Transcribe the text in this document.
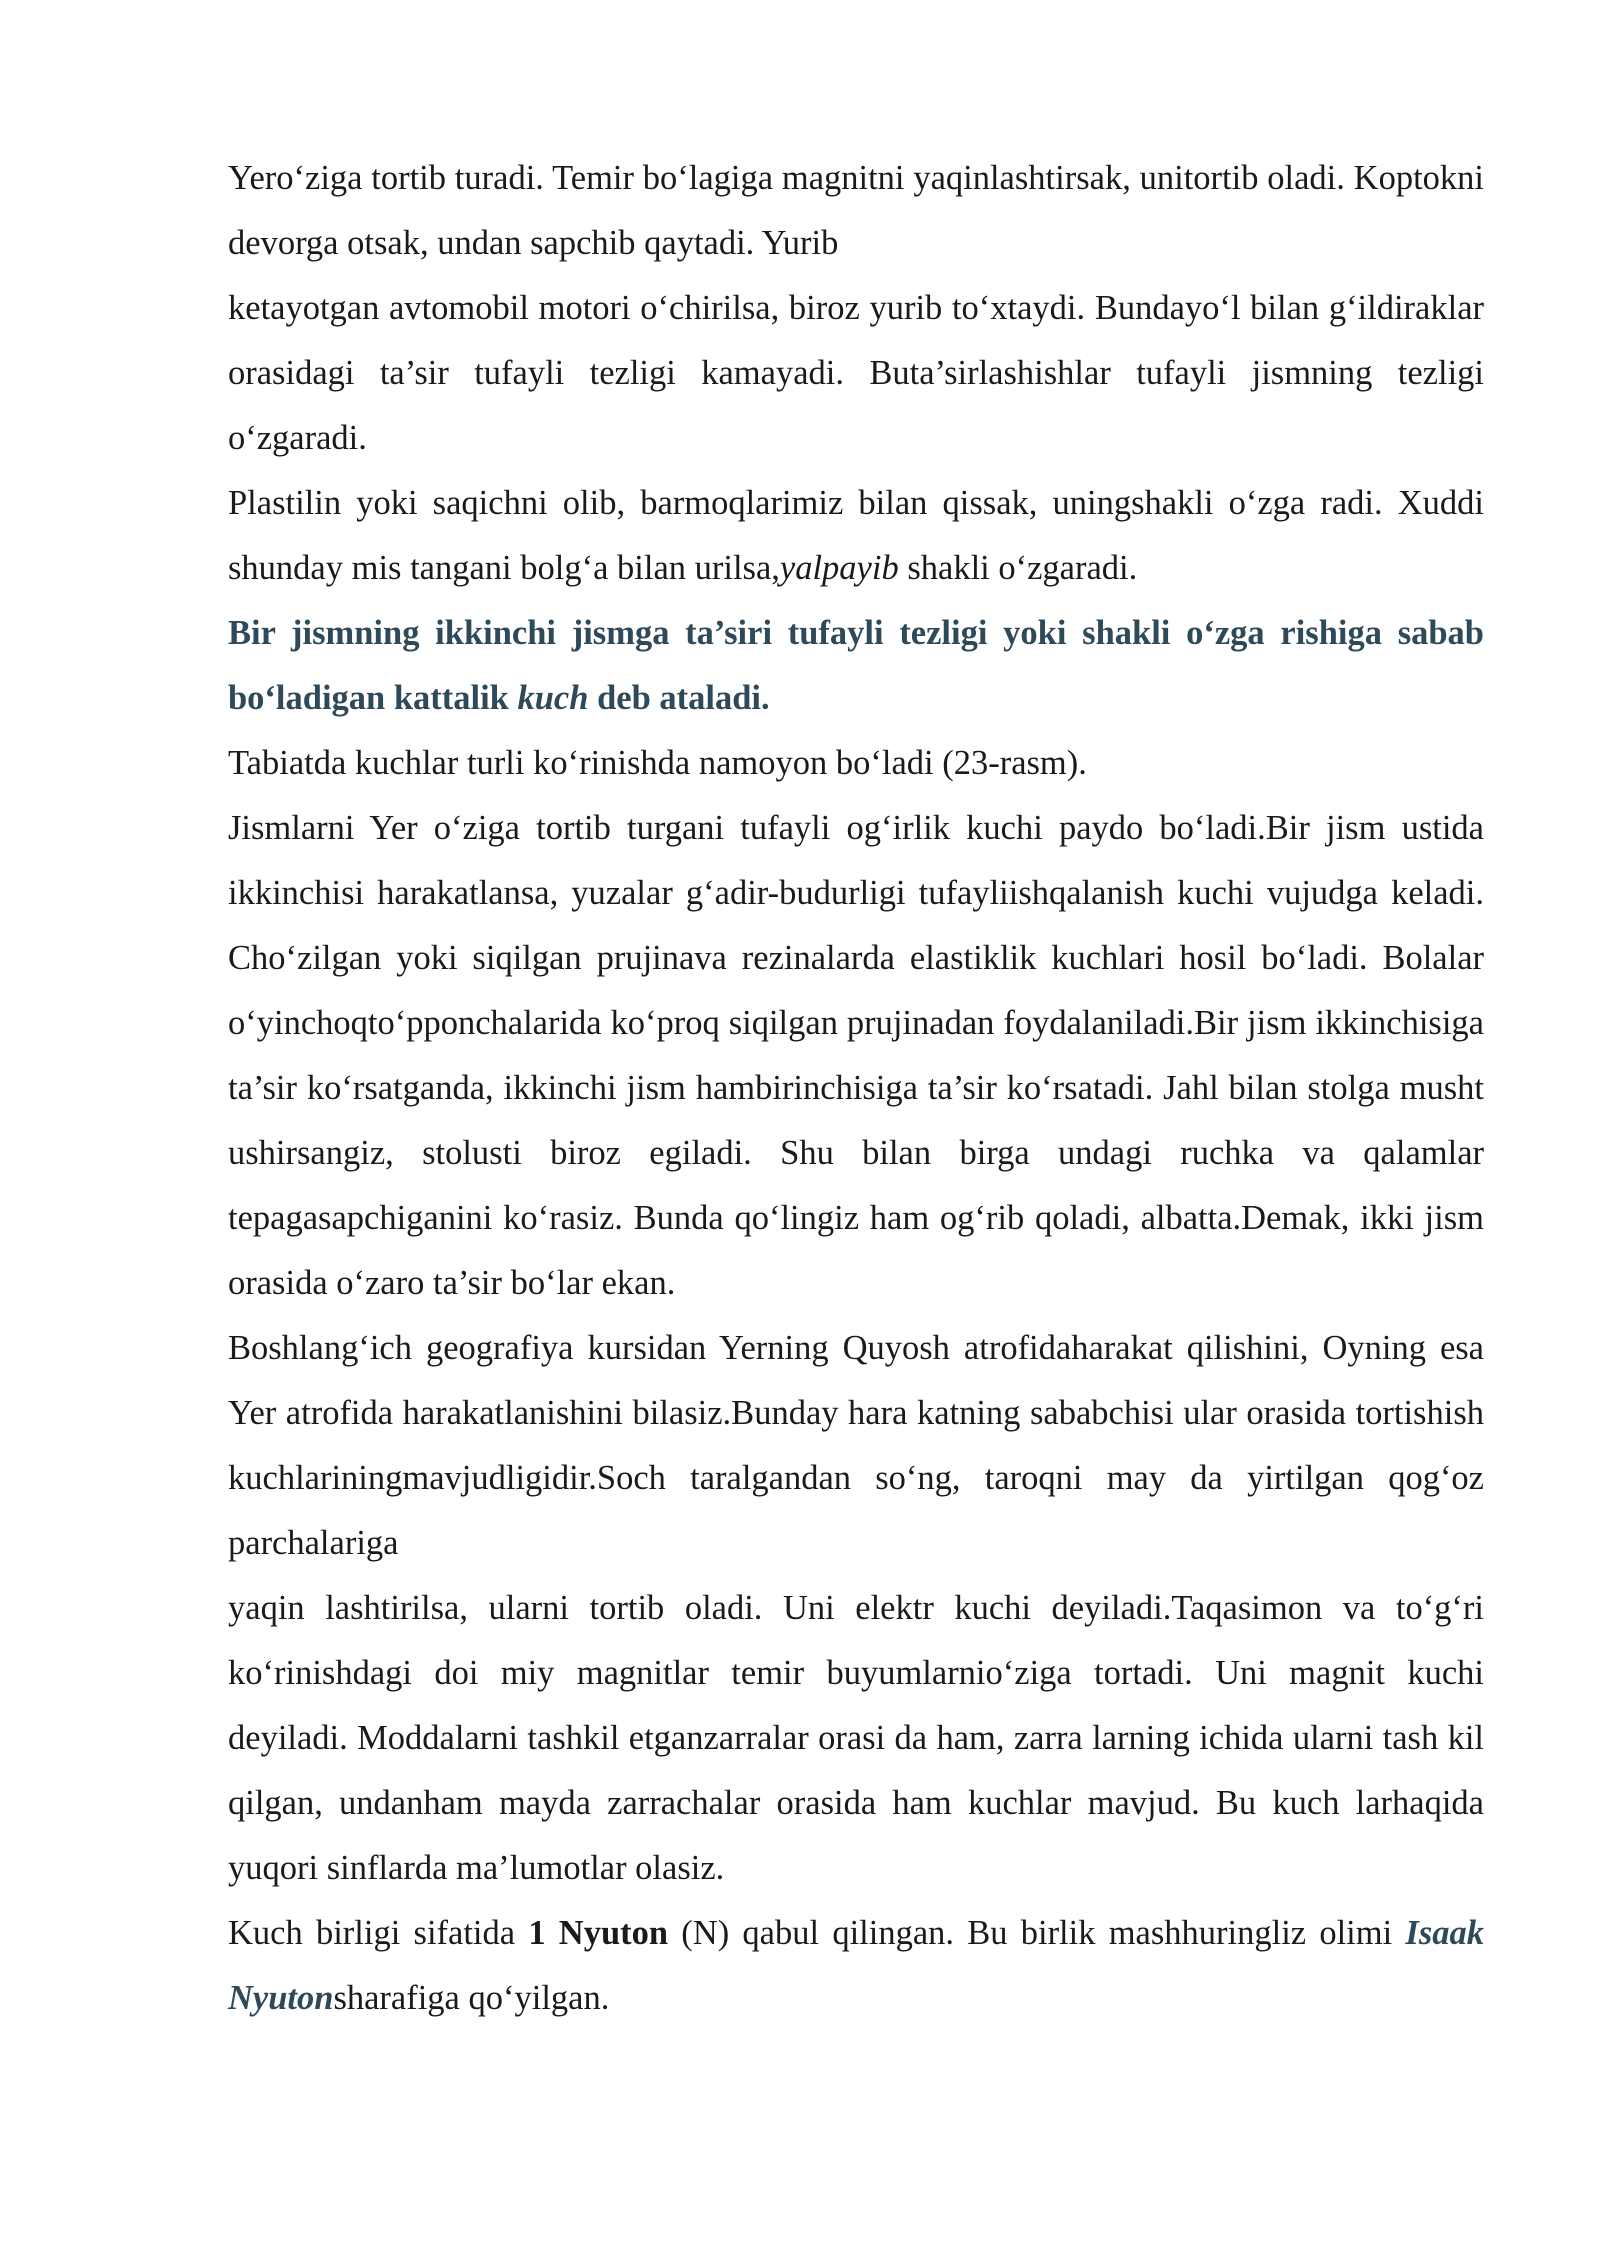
Yero‘ziga tortib turadi. Temir bo‘lagiga magnitni yaqinlashtirsak, unitortib oladi. Koptokni devorga otsak, undan sapchib qaytadi. Yurib

ketayotgan avtomobil motori o‘chirilsa, biroz yurib to‘xtaydi. Bundayo‘l bilan g‘ildiraklar orasidagi ta’sir tufayli tezligi kamayadi. Buta’sirlashishlar tufayli jismning tezligi o‘zgaradi.

Plastilin yoki saqichni olib, barmoqlarimiz bilan qissak, uningshakli o‘zga radi. Xuddi shunday mis tangani bolg‘a bilan urilsa,yalpayib shakli o‘zgaradi.

Bir jismning ikkinchi jismga ta’siri tufayli tezligi yoki shakli o‘zga rishiga sabab bo‘ladigan kattalik kuch deb ataladi.

Tabiatda kuchlar turli ko‘rinishda namoyon bo‘ladi (23-rasm).

Jismlarni Yer o‘ziga tortib turgani tufayli og‘irlik kuchi paydo bo‘ladi.Bir jism ustida ikkinchisi harakatlansa, yuzalar g‘adir-budurligi tufayliishqalanish kuchi vujudga keladi. Cho‘zilgan yoki siqilgan prujinava rezinalarda elastiklik kuchlari hosil bo‘ladi. Bolalar o‘yinchoqto‘pponchalarida ko‘proq siqilgan prujinadan foydalaniladi.Bir jism ikkinchisiga ta’sir ko‘rsatganda, ikkinchi jism hambirinchisiga ta’sir ko‘rsatadi. Jahl bilan stolga musht ushirsangiz, stolusti biroz egiladi. Shu bilan birga undagi ruchka va qalamlar tepagasapchiganini ko‘rasiz. Bunda qo‘lingiz ham og‘rib qoladi, albatta.Demak, ikki jism orasida o‘zaro ta’sir bo‘lar ekan.

Boshlang‘ich geografiya kursidan Yerning Quyosh atrofidaharakat qilishini, Oyning esa Yer atrofida harakatlanishini bilasiz.Bunday hara katning sababchisi ular orasida tortishish kuchlariningmavjudligidir.Soch taralgandan so‘ng, taroqni may da yirtilgan qog‘oz parchalariga

yaqin lashtirilsa, ularni tortib oladi. Uni elektr kuchi deyiladi.Taqasimon va to‘g‘ri ko‘rinishdagi doi miy magnitlar temir buyumlarnio‘ziga tortadi. Uni magnit kuchi deyiladi. Moddalarni tashkil etganzarralar orasi da ham, zarra larning ichida ularni tash kil qilgan, undanham mayda zarrachalar orasida ham kuchlar mavjud. Bu kuch larhaqida yuqori sinflarda ma’lumotlar olasiz.

Kuch birligi sifatida 1 Nyuton (N) qabul qilingan. Bu birlik mashhuringliz olimi Isaak Nyutonsharafiga qo‘yilgan.
